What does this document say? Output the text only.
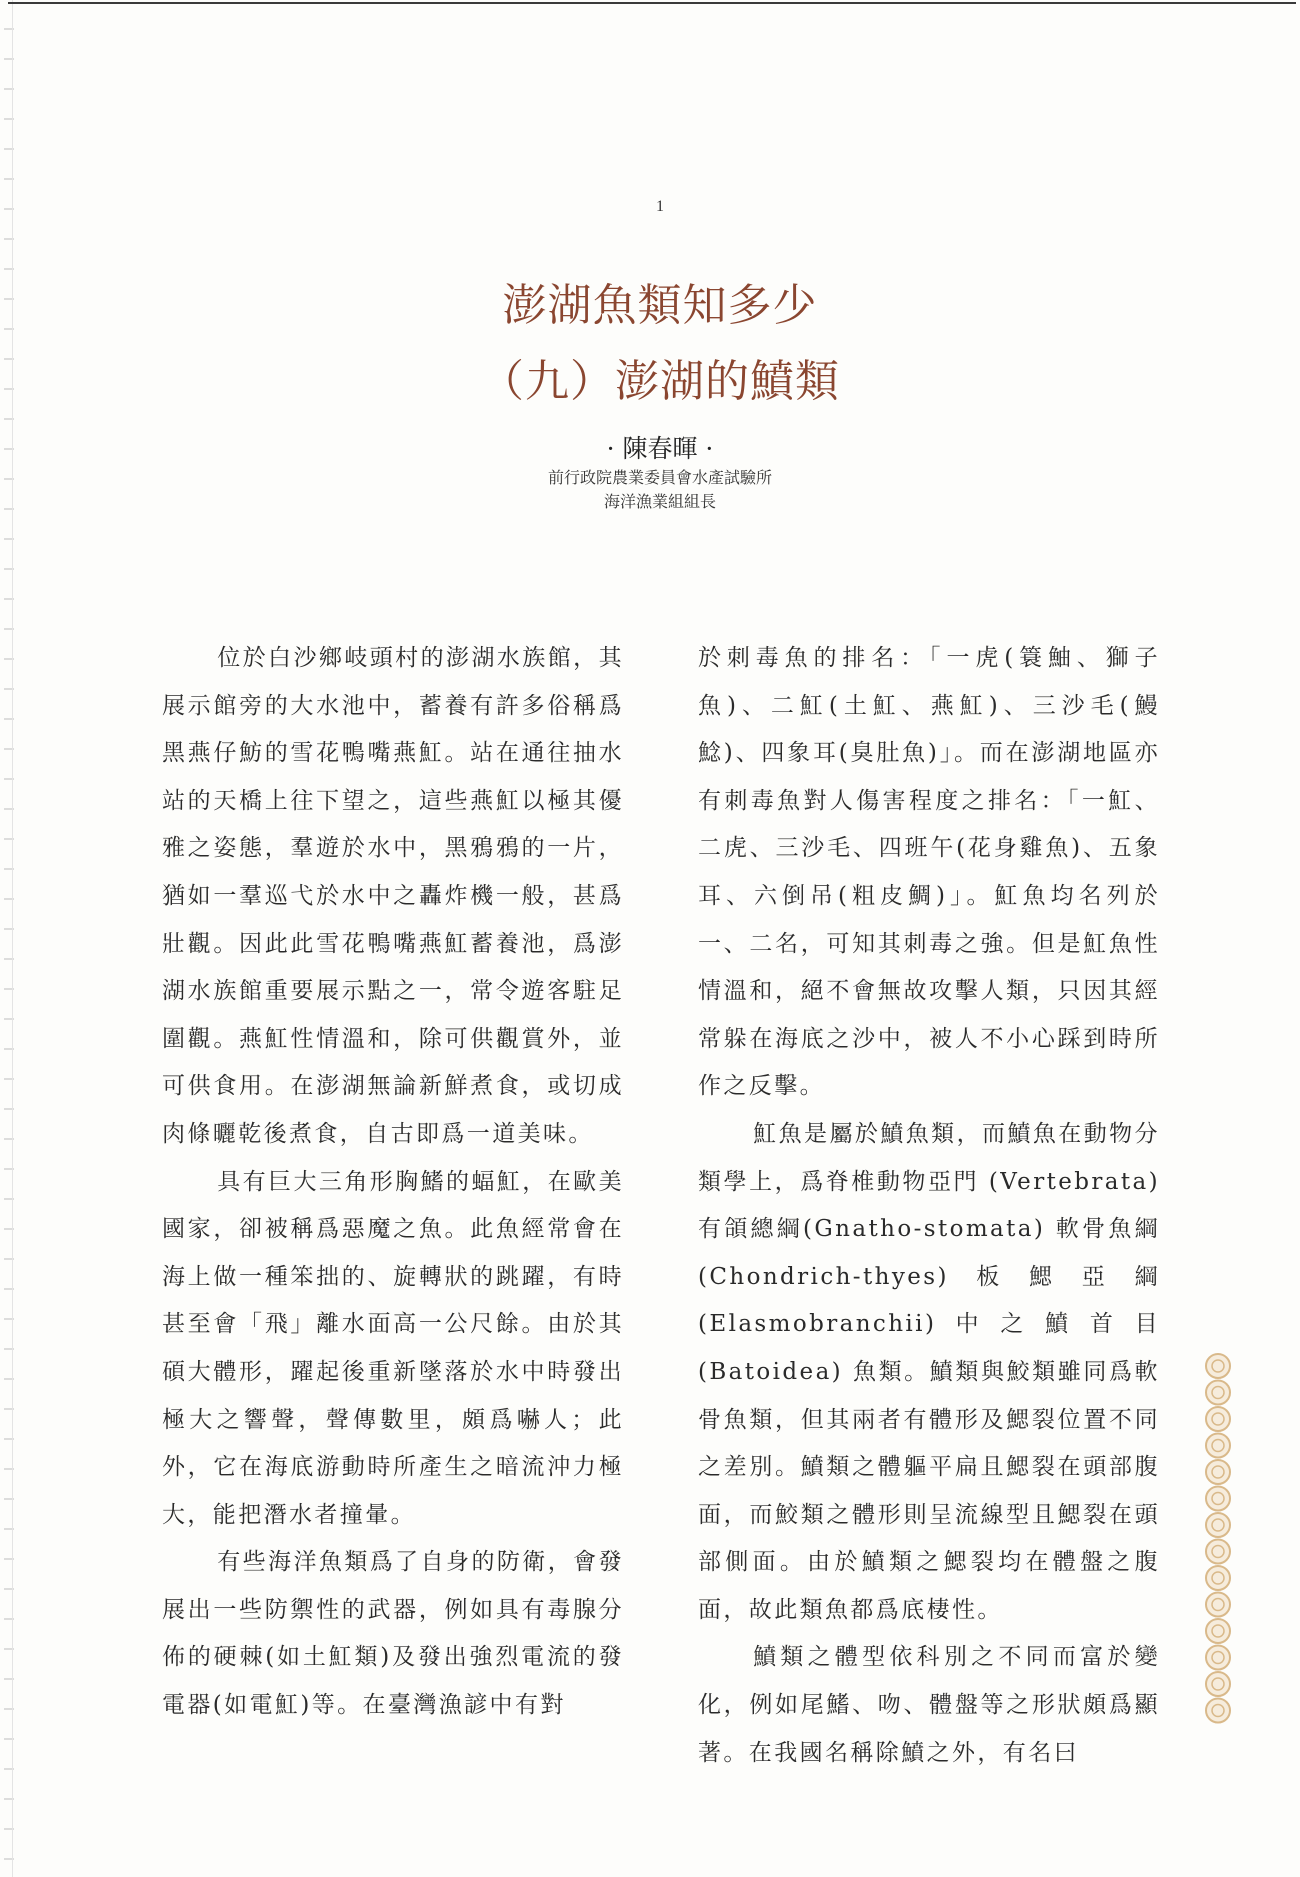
1
澎湖魚類知多少
（九）澎湖的鱝類
· 陳春暉 ·
前行政院農業委員會水產試驗所
海洋漁業組組長

位於白沙鄉岐頭村的澎湖水族館，其展示館旁的大水池中，蓄養有許多俗稱爲黑燕仔魴的雪花鴨嘴燕魟。站在通往抽水站的天橋上往下望之，這些燕魟以極其優雅之姿態，羣遊於水中，黑鴉鴉的一片，猶如一羣巡弋於水中之轟炸機一般，甚爲壯觀。因此此雪花鴨嘴燕魟蓄養池，爲澎湖水族館重要展示點之一，常令遊客駐足圍觀。燕魟性情溫和，除可供觀賞外，並可供食用。在澎湖無論新鮮煮食，或切成肉條曬乾後煮食，自古即爲一道美味。

具有巨大三角形胸鰭的蝠魟，在歐美國家，卻被稱爲惡魔之魚。此魚經常會在海上做一種笨拙的、旋轉狀的跳躍，有時甚至會「飛」離水面高一公尺餘。由於其碩大體形，躍起後重新墜落於水中時發出極大之響聲，聲傳數里，頗爲嚇人；此外，它在海底游動時所產生之暗流沖力極大，能把潛水者撞暈。

有些海洋魚類爲了自身的防衛，會發展出一些防禦性的武器，例如具有毒腺分佈的硬棘(如土魟類)及發出強烈電流的發電器(如電魟)等。在臺灣漁諺中有對

於刺毒魚的排名：「一虎(簑鮋、獅子魚)、二魟(土魟、燕魟)、三沙毛(鰻鯰)、四象耳(臭肚魚)」。而在澎湖地區亦有刺毒魚對人傷害程度之排名：「一魟、二虎、三沙毛、四班午(花身雞魚)、五象耳、六倒吊(粗皮鯛)」。魟魚均名列於一、二名，可知其刺毒之強。但是魟魚性情溫和，絕不會無故攻擊人類，只因其經常躲在海底之沙中，被人不小心踩到時所作之反擊。

魟魚是屬於鱝魚類，而鱝魚在動物分類學上，爲脊椎動物亞門 (Vertebrata) 有頜總綱(Gnatho-stomata) 軟骨魚綱 (Chondrich-thyes)板鰓亞綱 (Elasmobranchii)中之鱝首目(Batoidea) 魚類。鱝類與鮫類雖同爲軟骨魚類，但其兩者有體形及鰓裂位置不同之差別。鱝類之體軀平扁且鰓裂在頭部腹面，而鮫類之體形則呈流線型且鰓裂在頭部側面。由於鱝類之鰓裂均在體盤之腹面，故此類魚都爲底棲性。

鱝類之體型依科別之不同而富於變化，例如尾鰭、吻、體盤等之形狀頗爲顯著。在我國名稱除鱝之外，有名曰
